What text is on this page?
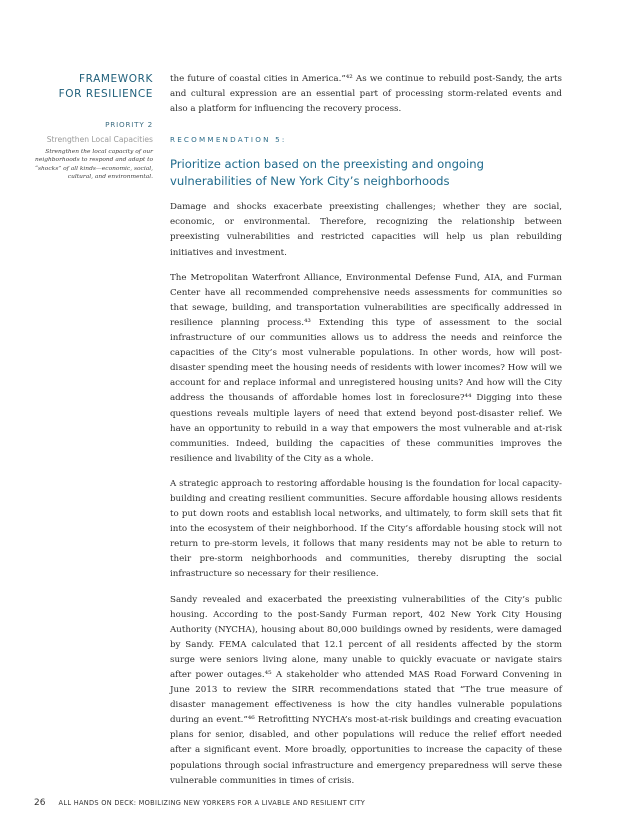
FRAMEWORK
FOR RESILIENCE
PRIORITY 2
Strengthen Local Capacities
Strengthen the local capacity of our neighborhoods to respond and adapt to “shocks” of all kinds—economic, social, cultural, and environmental.

the future of coastal cities in America.”⁴² As we continue to rebuild post-Sandy, the arts and cultural expression are an essential part of processing storm-related events and also a platform for influencing the recovery process.

RECOMMENDATION 5:
Prioritize action based on the preexisting and ongoing vulnerabilities of New York City’s neighborhoods

Damage and shocks exacerbate preexisting challenges; whether they are social, economic, or environmental. Therefore, recognizing the relationship between preexisting vulnerabilities and restricted capacities will help us plan rebuilding initiatives and investment.

The Metropolitan Waterfront Alliance, Environmental Defense Fund, AIA, and Furman Center have all recommended comprehensive needs assessments for communities so that sewage, building, and transportation vulnerabilities are specifically addressed in resilience planning process.⁴³ Extending this type of assessment to the social infrastructure of our communities allows us to address the needs and reinforce the capacities of the City’s most vulnerable populations. In other words, how will post-disaster spending meet the housing needs of residents with lower incomes? How will we account for and replace informal and unregistered housing units? And how will the City address the thousands of affordable homes lost in foreclosure?⁴⁴ Digging into these questions reveals multiple layers of need that extend beyond post-disaster relief. We have an opportunity to rebuild in a way that empowers the most vulnerable and at-risk communities. Indeed, building the capacities of these communities improves the resilience and livability of the City as a whole.

A strategic approach to restoring affordable housing is the foundation for local capacity-building and creating resilient communities. Secure affordable housing allows residents to put down roots and establish local networks, and ultimately, to form skill sets that fit into the ecosystem of their neighborhood. If the City’s affordable housing stock will not return to pre-storm levels, it follows that many residents may not be able to return to their pre-storm neighborhoods and communities, thereby disrupting the social infrastructure so necessary for their resilience.

Sandy revealed and exacerbated the preexisting vulnerabilities of the City’s public housing. According to the post-Sandy Furman report, 402 New York City Housing Authority (NYCHA), housing about 80,000 buildings owned by residents, were damaged by Sandy. FEMA calculated that 12.1 percent of all residents affected by the storm surge were seniors living alone, many unable to quickly evacuate or navigate stairs after power outages.⁴⁵ A stakeholder who attended MAS Road Forward Convening in June 2013 to review the SIRR recommendations stated that “The true measure of disaster management effectiveness is how the city handles vulnerable populations during an event.”⁴⁶ Retrofitting NYCHA’s most-at-risk buildings and creating evacuation plans for senior, disabled, and other populations will reduce the relief effort needed after a significant event. More broadly, opportunities to increase the capacity of these populations through social infrastructure and emergency preparedness will serve these vulnerable communities in times of crisis.

26 ALL HANDS ON DECK: MOBILIZING NEW YORKERS FOR A LIVABLE AND RESILIENT CITY
